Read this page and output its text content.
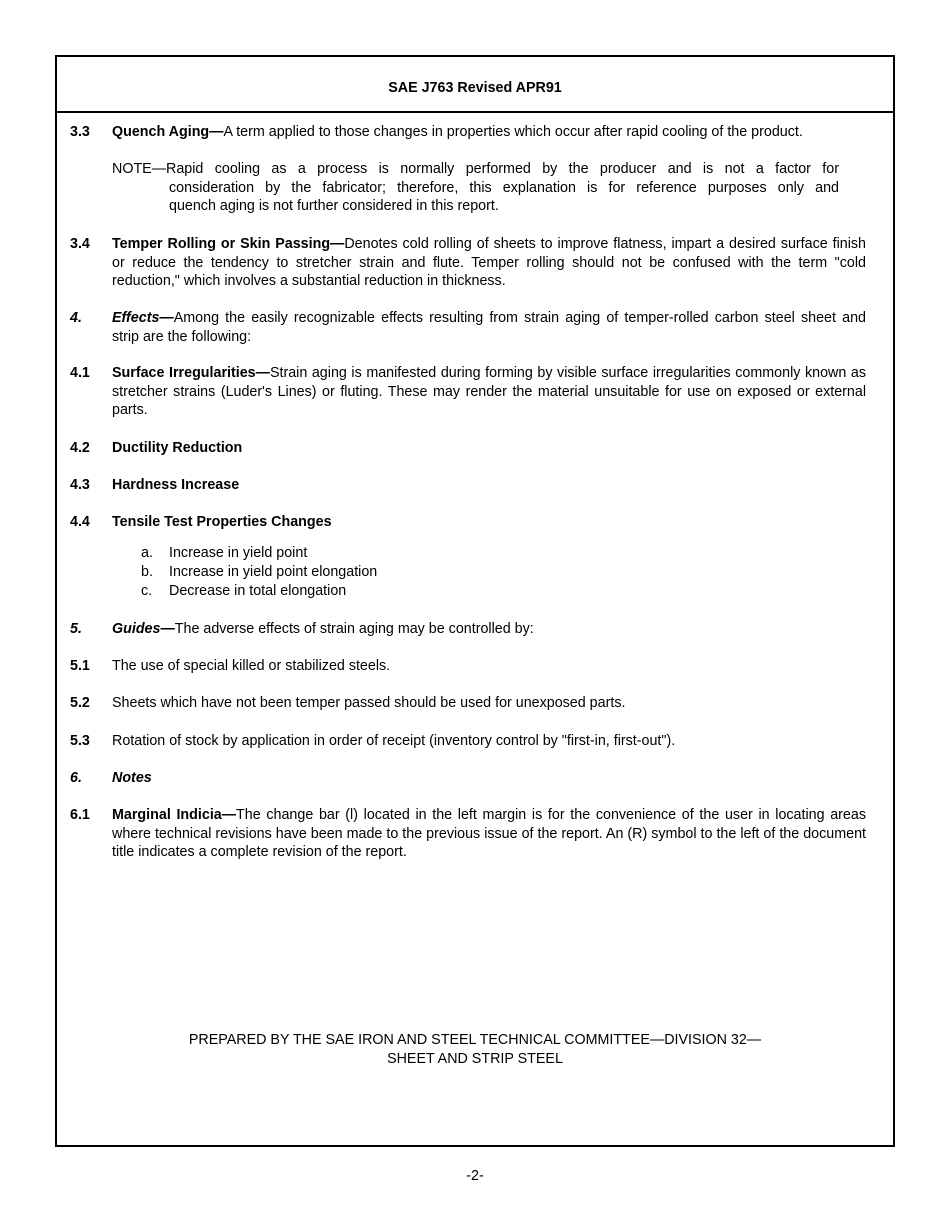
SAE J763 Revised APR91
3.3 Quench Aging—A term applied to those changes in properties which occur after rapid cooling of the product.
NOTE—Rapid cooling as a process is normally performed by the producer and is not a factor for
consideration by the fabricator; therefore, this explanation is for reference purposes only and
quench aging is not further considered in this report.
3.4 Temper Rolling or Skin Passing—Denotes cold rolling of sheets to improve flatness, impart a desired surface finish or reduce the tendency to stretcher strain and flute. Temper rolling should not be confused with the term "cold reduction," which involves a substantial reduction in thickness.
4. Effects—Among the easily recognizable effects resulting from strain aging of temper-rolled carbon steel sheet and strip are the following:
4.1 Surface Irregularities—Strain aging is manifested during forming by visible surface irregularities commonly known as stretcher strains (Luder's Lines) or fluting. These may render the material unsuitable for use on exposed or external parts.
4.2 Ductility Reduction
4.3 Hardness Increase
4.4 Tensile Test Properties Changes
a.	Increase in yield point
b.	Increase in yield point elongation
c.	Decrease in total elongation
5. Guides—The adverse effects of strain aging may be controlled by:
5.1 The use of special killed or stabilized steels.
5.2 Sheets which have not been temper passed should be used for unexposed parts.
5.3 Rotation of stock by application in order of receipt (inventory control by "first-in, first-out").
6. Notes
6.1 Marginal Indicia—The change bar (l) located in the left margin is for the convenience of the user in locating areas where technical revisions have been made to the previous issue of the report. An (R) symbol to the left of the document title indicates a complete revision of the report.
PREPARED BY THE SAE IRON AND STEEL TECHNICAL COMMITTEE—DIVISION 32—
SHEET AND STRIP STEEL
-2-
